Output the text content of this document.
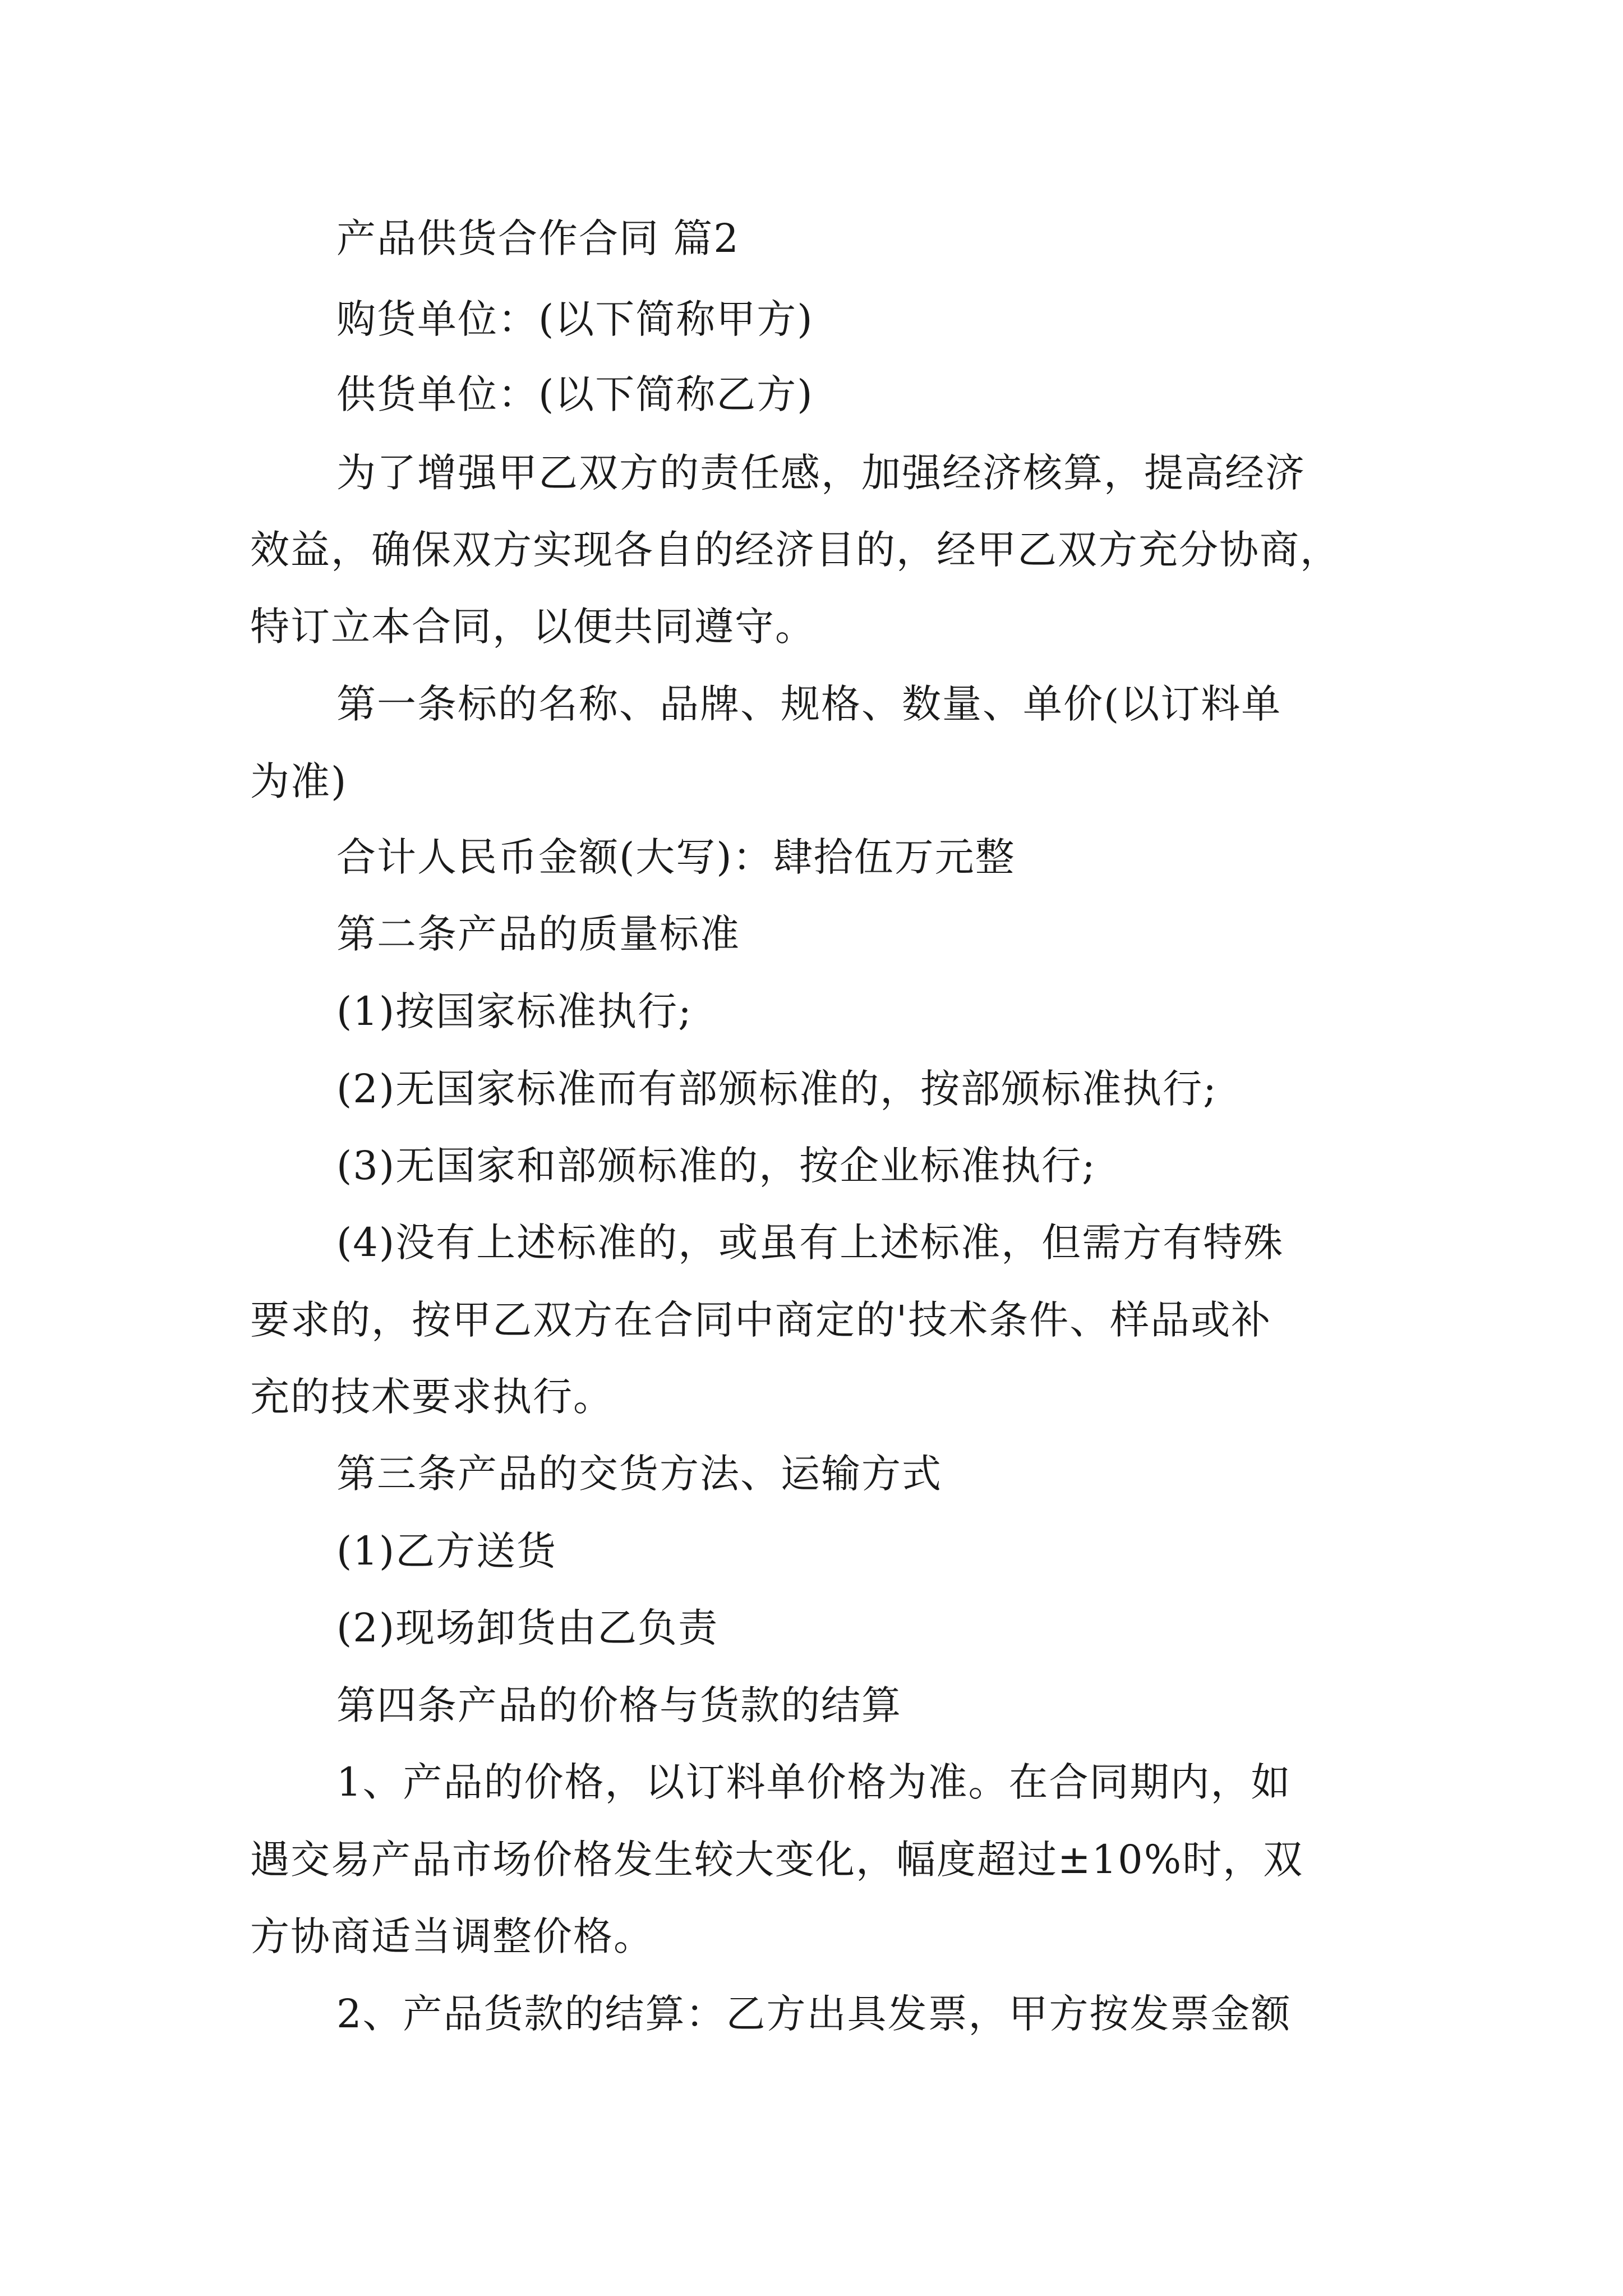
产品供货合作合同 篇2
购货单位：(以下简称甲方)
供货单位：(以下简称乙方)
为了增强甲乙双方的责任感，加强经济核算，提高经济
效益，确保双方实现各自的经济目的，经甲乙双方充分协商，
特订立本合同，以便共同遵守。
第一条标的名称、品牌、规格、数量、单价(以订料单
为准)
合计人民币金额(大写)：肆拾伍万元整
第二条产品的质量标准
(1)按国家标准执行;
(2)无国家标准而有部颁标准的，按部颁标准执行;
(3)无国家和部颁标准的，按企业标准执行;
(4)没有上述标准的，或虽有上述标准，但需方有特殊
要求的，按甲乙双方在合同中商定的'技术条件、样品或补
充的技术要求执行。
第三条产品的交货方法、运输方式
(1)乙方送货
(2)现场卸货由乙负责
第四条产品的价格与货款的结算
1、产品的价格，以订料单价格为准。在合同期内，如
遇交易产品市场价格发生较大变化，幅度超过±10%时，双
方协商适当调整价格。
2、产品货款的结算：乙方出具发票，甲方按发票金额
